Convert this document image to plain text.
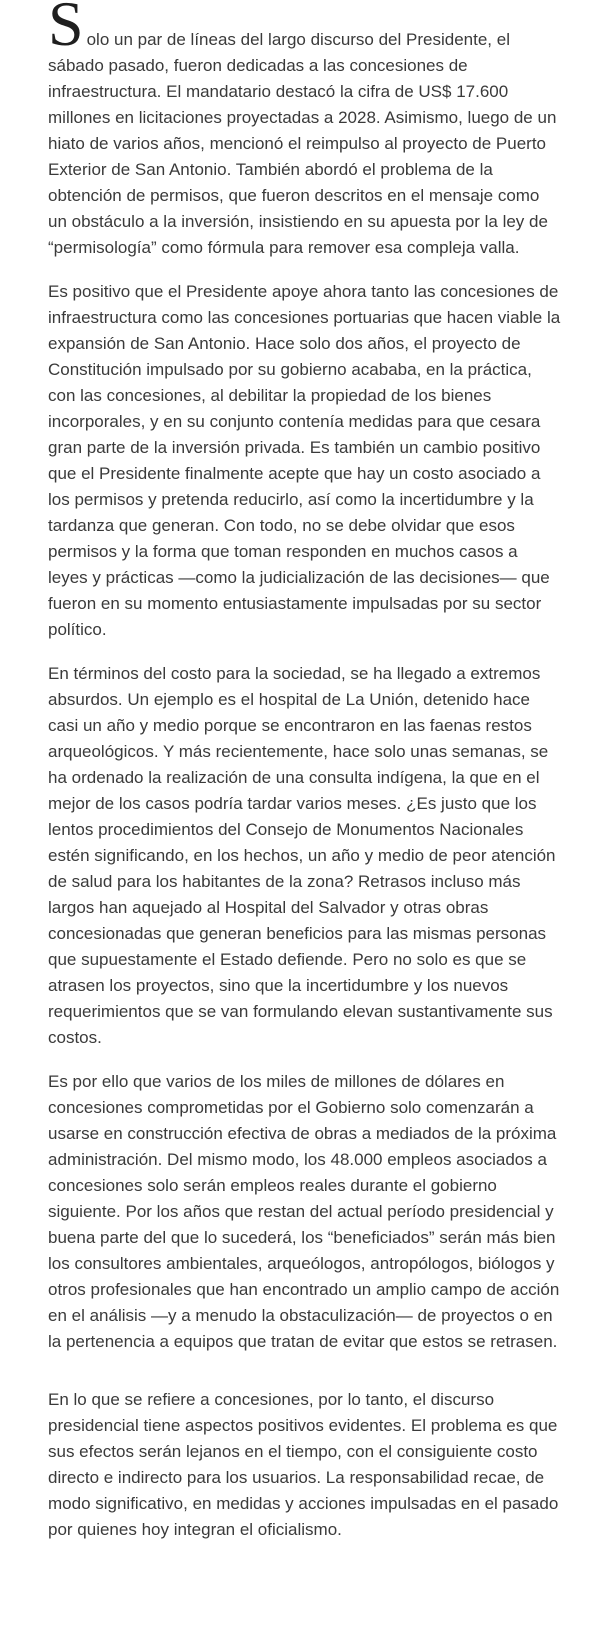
Solo un par de líneas del largo discurso del Presidente, el sábado pasado, fueron dedicadas a las concesiones de infraestructura. El mandatario destacó la cifra de US$ 17.600 millones en licitaciones proyectadas a 2028. Asimismo, luego de un hiato de varios años, mencionó el reimpulso al proyecto de Puerto Exterior de San Antonio. También abordó el problema de la obtención de permisos, que fueron descritos en el mensaje como un obstáculo a la inversión, insistiendo en su apuesta por la ley de “permisología” como fórmula para remover esa compleja valla.

Es positivo que el Presidente apoye ahora tanto las concesiones de infraestructura como las concesiones portuarias que hacen viable la expansión de San Antonio. Hace solo dos años, el proyecto de Constitución impulsado por su gobierno acababa, en la práctica, con las concesiones, al debilitar la propiedad de los bienes incorporales, y en su conjunto contenía medidas para que cesara gran parte de la inversión privada. Es también un cambio positivo que el Presidente finalmente acepte que hay un costo asociado a los permisos y pretenda reducirlo, así como la incertidumbre y la tardanza que generan. Con todo, no se debe olvidar que esos permisos y la forma que toman responden en muchos casos a leyes y prácticas —como la judicialización de las decisiones— que fueron en su momento entusiastamente impulsadas por su sector político.

En términos del costo para la sociedad, se ha llegado a extremos absurdos. Un ejemplo es el hospital de La Unión, detenido hace casi un año y medio porque se encontraron en las faenas restos arqueológicos. Y más recientemente, hace solo unas semanas, se ha ordenado la realización de una consulta indígena, la que en el mejor de los casos podría tardar varios meses. ¿Es justo que los lentos procedimientos del Consejo de Monumentos Nacionales estén significando, en los hechos, un año y medio de peor atención de salud para los habitantes de la zona? Retrasos incluso más largos han aquejado al Hospital del Salvador y otras obras concesionadas que generan beneficios para las mismas personas que supuestamente el Estado defiende. Pero no solo es que se atrasen los proyectos, sino que la incertidumbre y los nuevos requerimientos que se van formulando elevan sustantivamente sus costos.

Es por ello que varios de los miles de millones de dólares en concesiones comprometidas por el Gobierno solo comenzarán a usarse en construcción efectiva de obras a mediados de la próxima administración. Del mismo modo, los 48.000 empleos asociados a concesiones solo serán empleos reales durante el gobierno siguiente. Por los años que restan del actual período presidencial y buena parte del que lo sucederá, los “beneficiados” serán más bien los consultores ambientales, arqueólogos, antropólogos, biólogos y otros profesionales que han encontrado un amplio campo de acción en el análisis —y a menudo la obstaculización— de proyectos o en la pertenencia a equipos que tratan de evitar que estos se retrasen.

En lo que se refiere a concesiones, por lo tanto, el discurso presidencial tiene aspectos positivos evidentes. El problema es que sus efectos serán lejanos en el tiempo, con el consiguiente costo directo e indirecto para los usuarios. La responsabilidad recae, de modo significativo, en medidas y acciones impulsadas en el pasado por quienes hoy integran el oficialismo.
